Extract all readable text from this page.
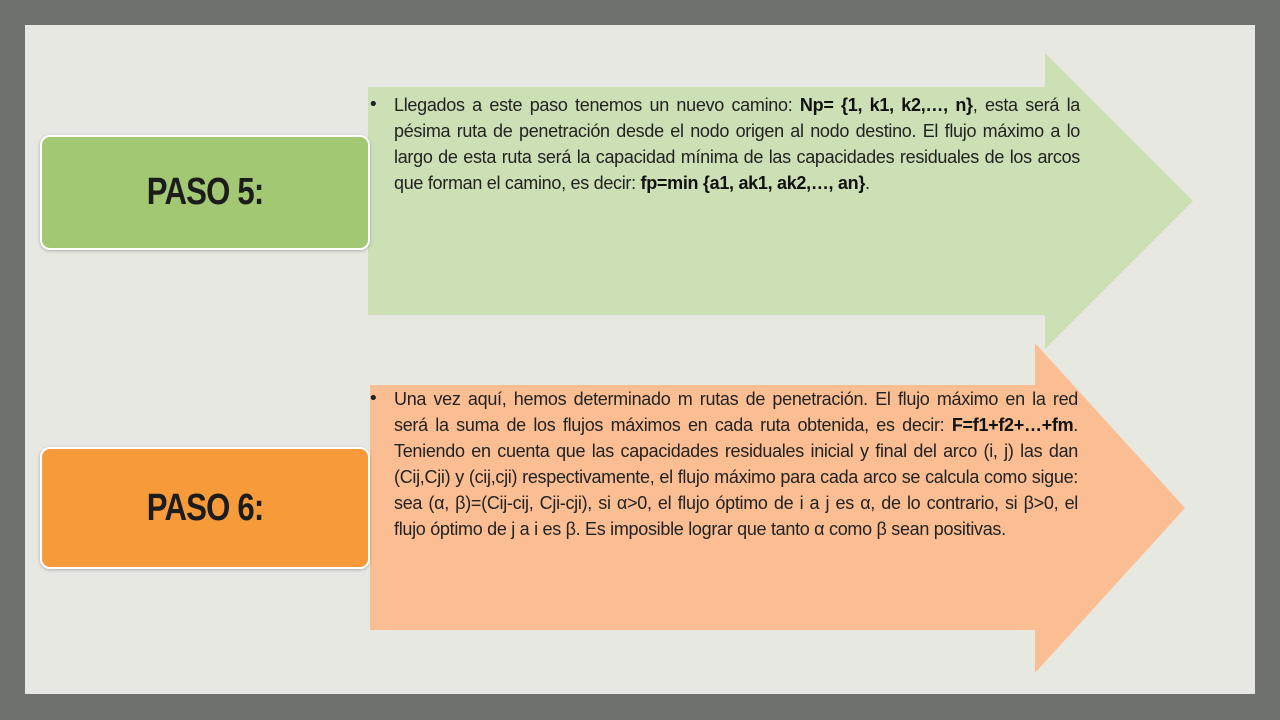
PASO 5:
PASO 6:
• Llegados a este paso tenemos un nuevo camino: Np= {1, k1, k2,…, n}, esta será la pésima ruta de penetración desde el nodo origen al nodo destino. El flujo máximo a lo largo de esta ruta será la capacidad mínima de las capacidades residuales de los arcos que forman el camino, es decir: fp=min {a1, ak1, ak2,…, an}.
• Una vez aquí, hemos determinado m rutas de penetración. El flujo máximo en la red será la suma de los flujos máximos en cada ruta obtenida, es decir: F=f1+f2+…+fm. Teniendo en cuenta que las capacidades residuales inicial y final del arco (i, j) las dan (Cij,Cji) y (cij,cji) respectivamente, el flujo máximo para cada arco se calcula como sigue: sea (α, β)=(Cij-cij, Cji-cji), si α>0, el flujo óptimo de i a j es α, de lo contrario, si β>0, el flujo óptimo de j a i es β. Es imposible lograr que tanto α como β sean positivas.
